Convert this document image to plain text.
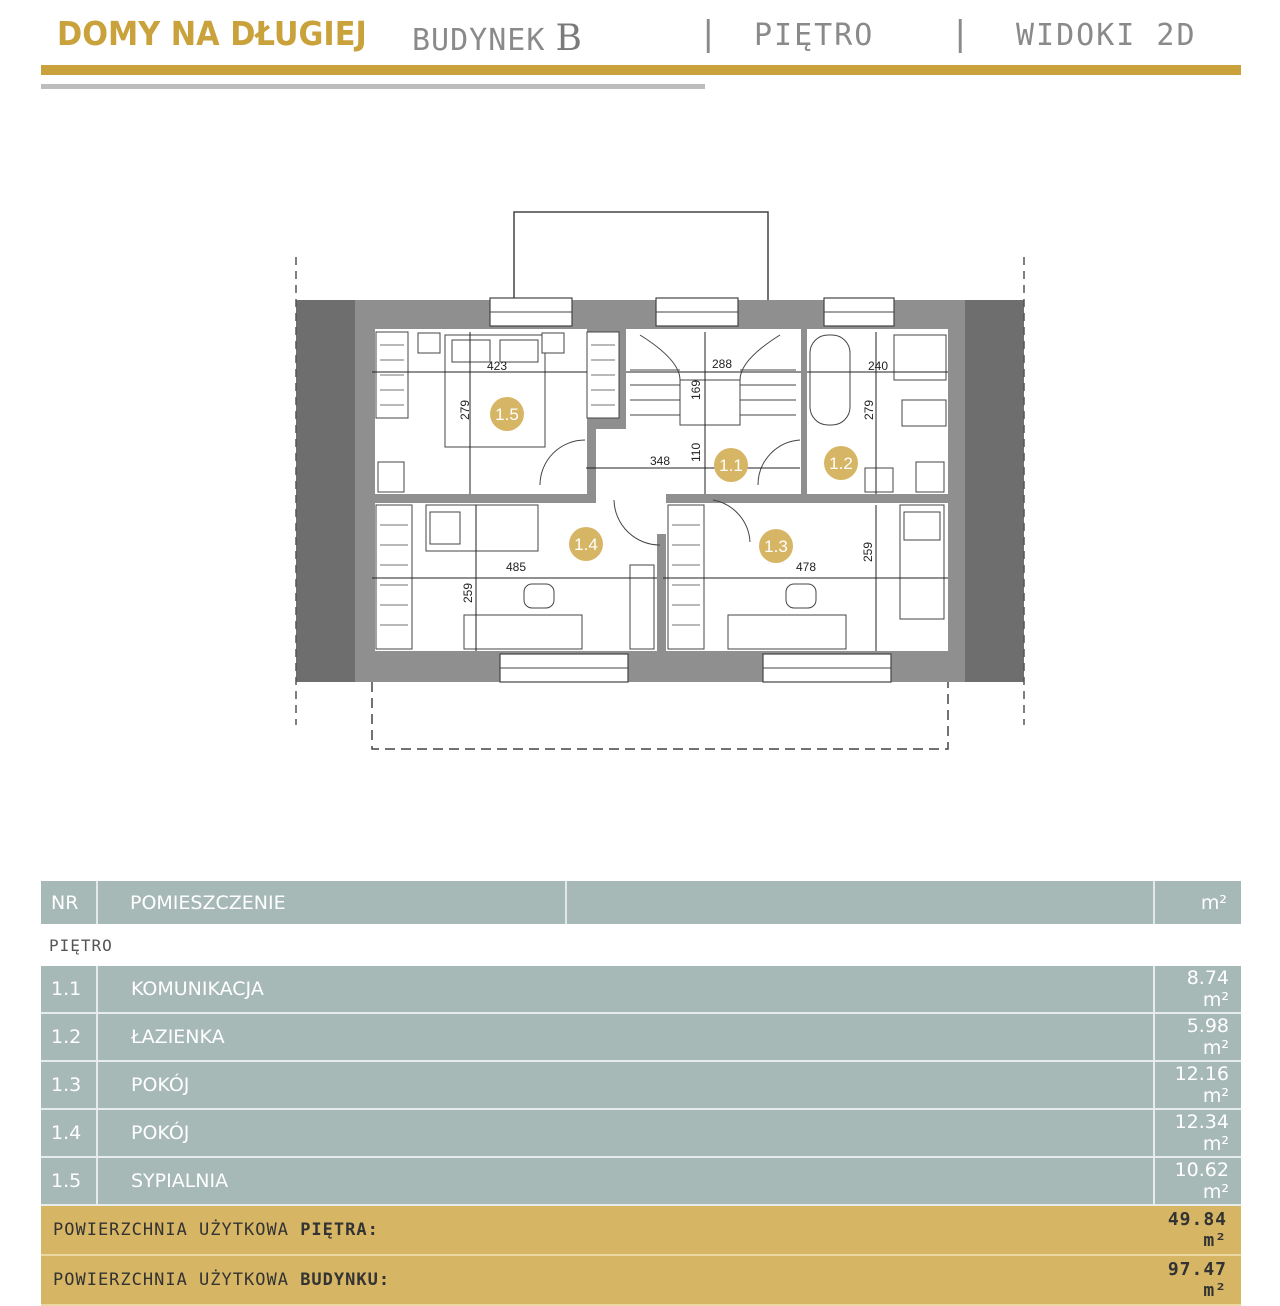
DOMY NA DŁUGIEJ BUDYNEK B	| PIĘTRO | WIDOKI 2D
423
279
288
169
240
279
348 110
485
259
478
259
1.1	1.2
1.3
1.4
1.5
NR	POMIESZCZENIE		m²
PIĘTRO			
1.1	KOMUNIKACJA		8.74 m²
1.2	ŁAZIENKA		5.98 m²
1.3	POKÓJ		12.16 m²
1.4	POKÓJ		12.34 m²
1.5	SYPIALNIA		10.62 m²
POWIERZCHNIA UŻYTKOWA PIĘTRA:			49.84 m²
POWIERZCHNIA UŻYTKOWA BUDYNKU:			97.47 m²
